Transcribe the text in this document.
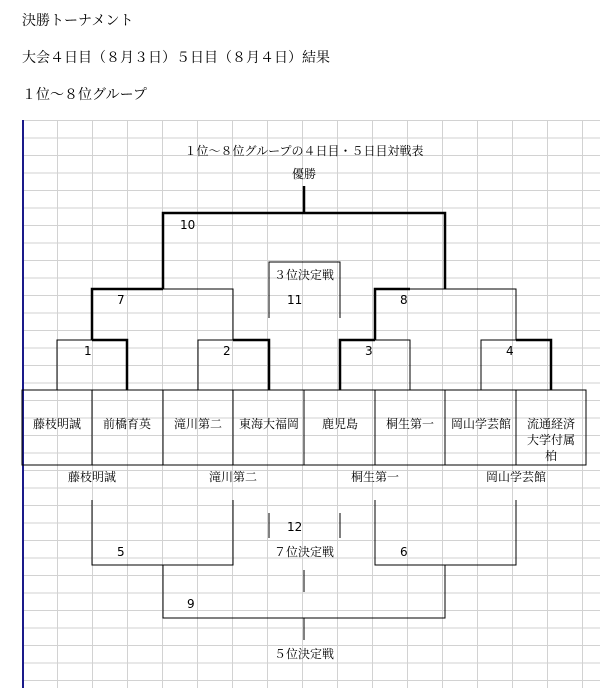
決勝トーナメント
大会４日目（８月３日）５日目（８月４日）結果
１位〜８位グループ
１位〜８位グループの４日目・５日目対戦表
優勝
３位決定戦
７位決定戦
５位決定戦
1	2	3	4
5	6
7	8
9
10
11
12
藤枝明誠 前橋育英 滝川第二 東海大福岡 鹿児島 桐生第一 岡山学芸館 流通経済
大学付属
柏
藤枝明誠	滝川第二	桐生第一	岡山学芸館
